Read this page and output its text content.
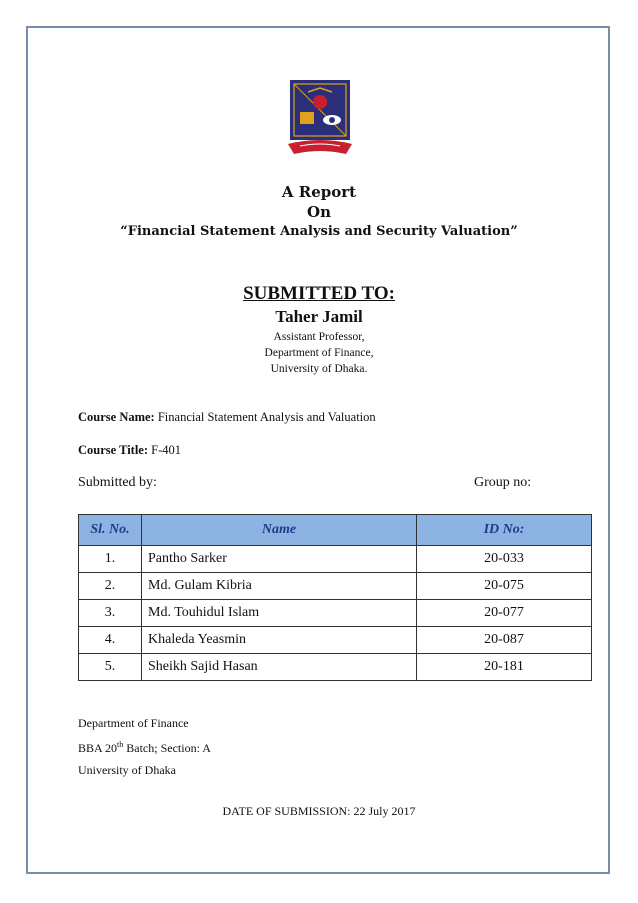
A Report
On
“Financial Statement Analysis and Security Valuation”
SUBMITTED TO:
Taher Jamil
Assistant Professor,
Department of Finance,
University of Dhaka.
Course Name: Financial Statement Analysis and Valuation
Course Title: F-401
Submitted by:	Group no:
Sl. No.	Name	ID No:
1.	Pantho Sarker	20-033
2.	Md. Gulam Kibria	20-075
3.	Md. Touhidul Islam	20-077
4.	Khaleda Yeasmin	20-087
5.	Sheikh Sajid Hasan	20-181
Department of Finance
BBA 20th Batch; Section: A
University of Dhaka
DATE OF SUBMISSION: 22 July 2017
